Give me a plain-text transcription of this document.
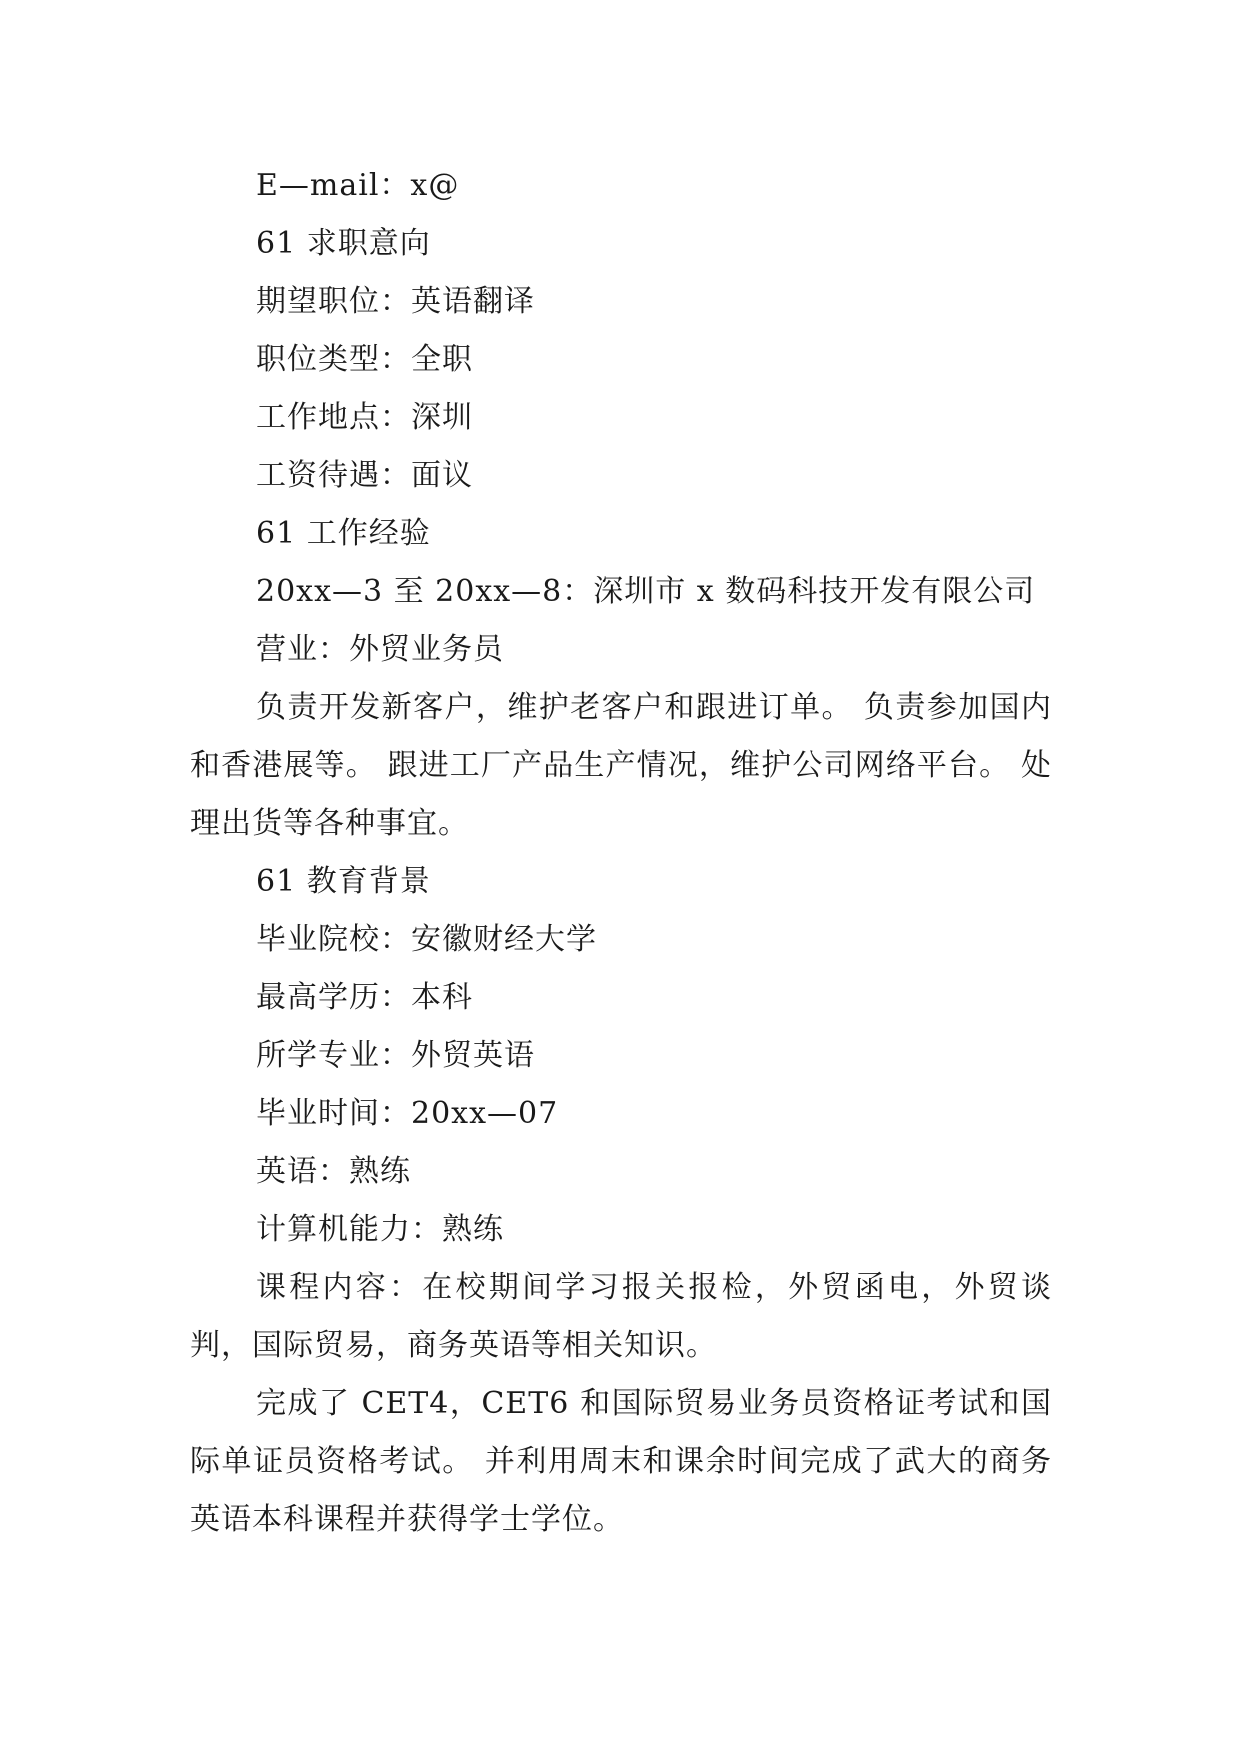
E—mail：x@
61 求职意向
期望职位：英语翻译
职位类型：全职
工作地点：深圳
工资待遇：面议
61 工作经验
20xx—3 至 20xx—8：深圳市 x 数码科技开发有限公司
营业：外贸业务员

负责开发新客户，维护老客户和跟进订单。 负责参加国内和香港展等。 跟进工厂产品生产情况，维护公司网络平台。 处理出货等各种事宜。

61 教育背景
毕业院校：安徽财经大学
最高学历：本科
所学专业：外贸英语
毕业时间：20xx—07
英语：熟练
计算机能力：熟练

课程内容：在校期间学习报关报检，外贸函电，外贸谈判，国际贸易，商务英语等相关知识。

完成了 CET4，CET6 和国际贸易业务员资格证考试和国际单证员资格考试。 并利用周末和课余时间完成了武大的商务英语本科课程并获得学士学位。
